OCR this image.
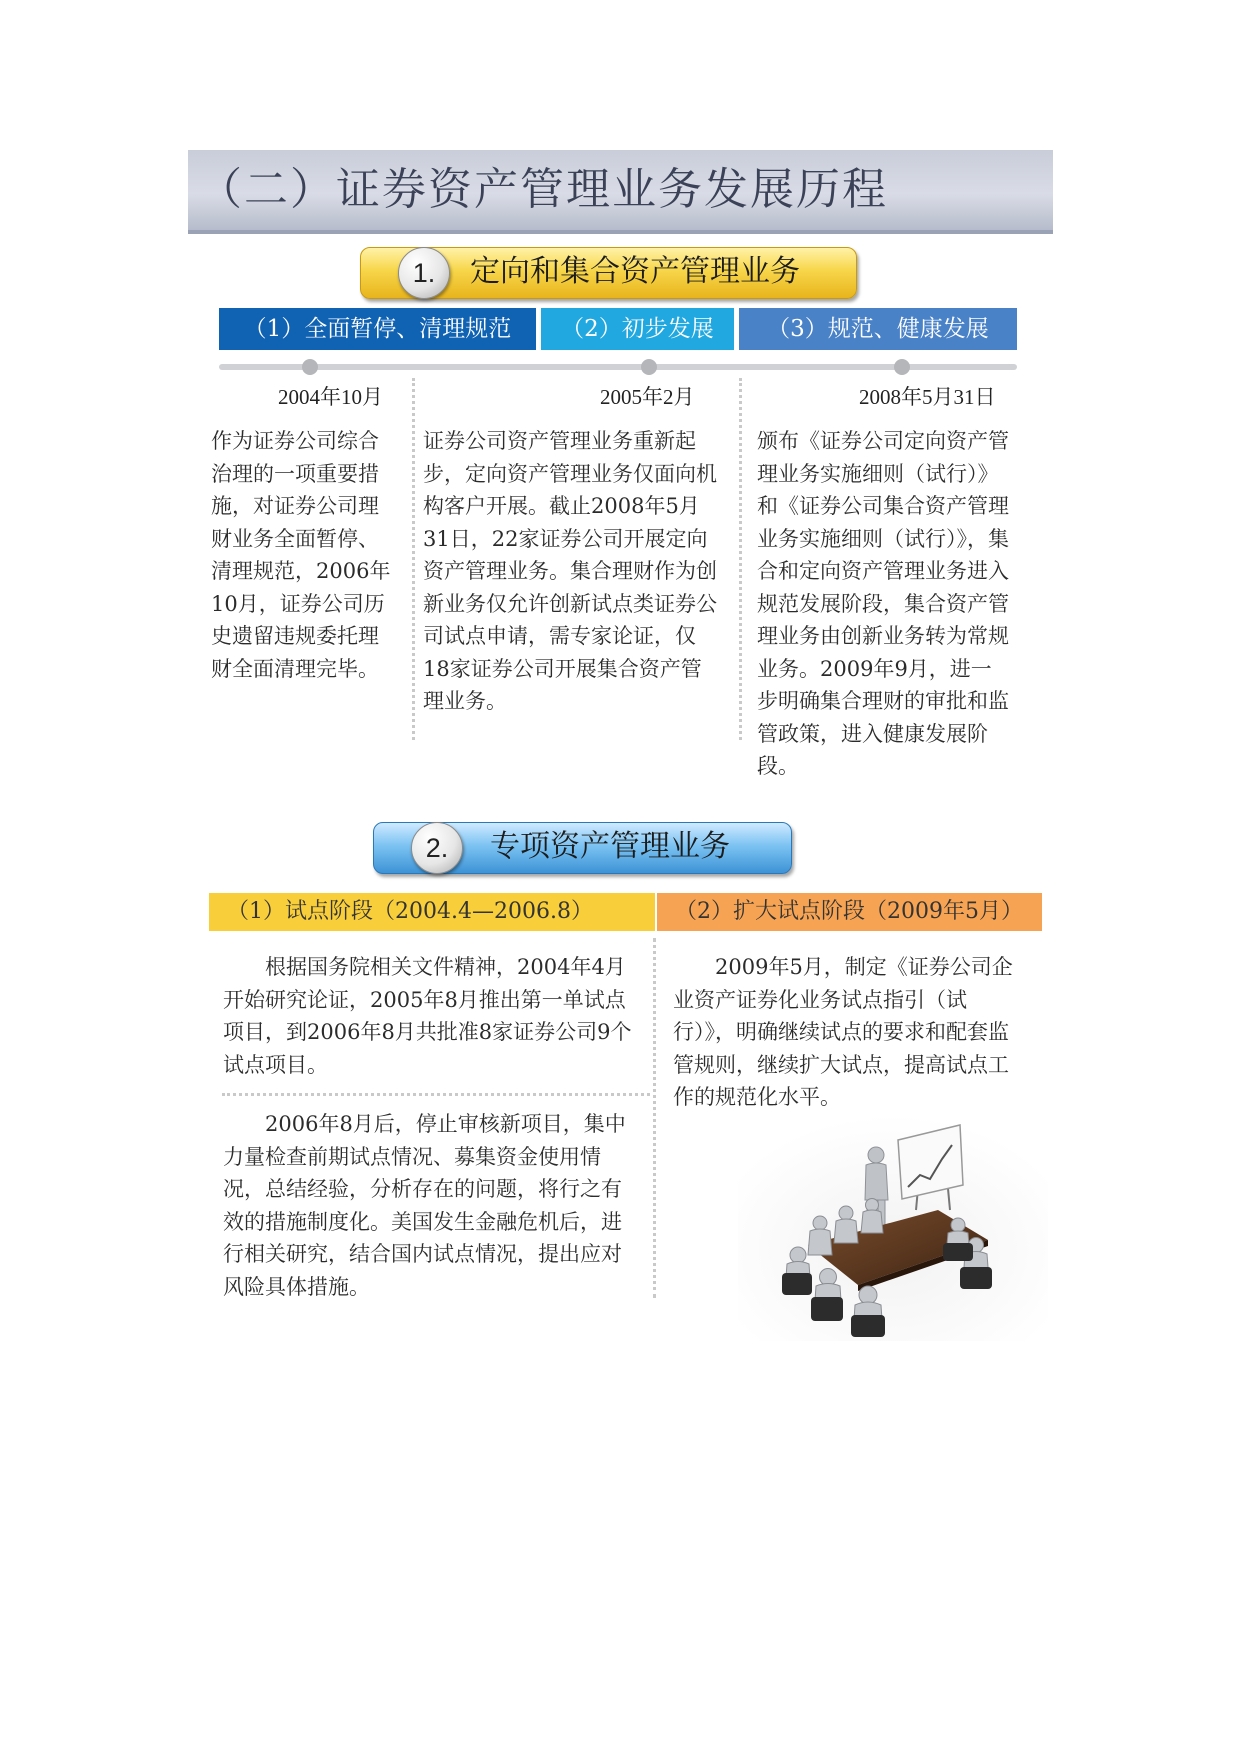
（二）证券资产管理业务发展历程
1.	定向和集合资产管理业务
（1）全面暂停、清理规范	（2）初步发展	（3）规范、健康发展
2004年10月	2005年2月	2008年5月31日
作为证券公司综合治理的一项重要措施，对证券公司理财业务全面暂停、清理规范，2006年10月，证券公司历史遗留违规委托理财全面清理完毕。
证券公司资产管理业务重新起步，定向资产管理业务仅面向机构客户开展。截止2008年5月31日，22家证券公司开展定向资产管理业务。集合理财作为创新业务仅允许创新试点类证券公司试点申请，需专家论证，仅18家证券公司开展集合资产管理业务。
颁布《证券公司定向资产管理业务实施细则（试行）》和《证券公司集合资产管理业务实施细则（试行）》，集合和定向资产管理业务进入规范发展阶段，集合资产管理业务由创新业务转为常规业务。2009年9月，进一步明确集合理财的审批和监管政策，进入健康发展阶段。
2.	专项资产管理业务
（1）试点阶段（2004.4—2006.8）	（2）扩大试点阶段（2009年5月）
根据国务院相关文件精神，2004年4月开始研究论证，2005年8月推出第一单试点项目，到2006年8月共批准8家证券公司9个试点项目。
2006年8月后，停止审核新项目，集中力量检查前期试点情况、募集资金使用情况，总结经验，分析存在的问题，将行之有效的措施制度化。美国发生金融危机后，进行相关研究，结合国内试点情况，提出应对风险具体措施。
2009年5月，制定《证券公司企业资产证券化业务试点指引（试行）》，明确继续试点的要求和配套监管规则，继续扩大试点，提高试点工作的规范化水平。
